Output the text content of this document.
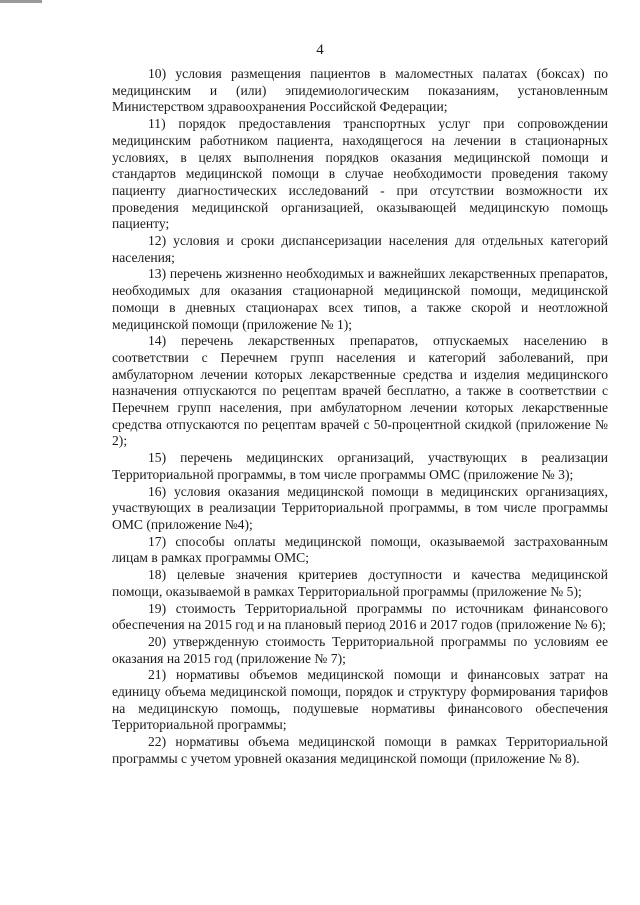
4

10) условия размещения пациентов в маломестных палатах (боксах) по медицинским и (или) эпидемиологическим показаниям, установленным Министерством здравоохранения Российской Федерации;

11) порядок предоставления транспортных услуг при сопровождении медицинским работником пациента, находящегося на лечении в стационарных условиях, в целях выполнения порядков оказания медицинской помощи и стандартов медицинской помощи в случае необходимости проведения такому пациенту диагностических исследований - при отсутствии возможности их проведения медицинской организацией, оказывающей медицинскую помощь пациенту;

12) условия и сроки диспансеризации населения для отдельных категорий населения;

13) перечень жизненно необходимых и важнейших лекарственных препаратов, необходимых для оказания стационарной медицинской помощи, медицинской помощи в дневных стационарах всех типов, а также скорой и неотложной медицинской помощи (приложение № 1);

14) перечень лекарственных препаратов, отпускаемых населению в соответствии с Перечнем групп населения и категорий заболеваний, при амбулаторном лечении которых лекарственные средства и изделия медицинского назначения отпускаются по рецептам врачей бесплатно, а также в соответствии с Перечнем групп населения, при амбулаторном лечении которых лекарственные средства отпускаются по рецептам врачей с 50-процентной скидкой (приложение № 2);

15) перечень медицинских организаций, участвующих в реализации Территориальной программы, в том числе программы ОМС (приложение № 3);

16) условия оказания медицинской помощи в медицинских организациях, участвующих в реализации Территориальной программы, в том числе программы ОМС (приложение №4);

17) способы оплаты медицинской помощи, оказываемой застрахованным лицам в рамках программы ОМС;

18) целевые значения критериев доступности и качества медицинской помощи, оказываемой в рамках Территориальной программы (приложение № 5);

19) стоимость Территориальной программы по источникам финансового обеспечения на 2015 год и на плановый период 2016 и 2017 годов (приложение № 6);

20) утвержденную стоимость Территориальной программы по условиям ее оказания на 2015 год (приложение № 7);

21) нормативы объемов медицинской помощи и финансовых затрат на единицу объема медицинской помощи, порядок и структуру формирования тарифов на медицинскую помощь, подушевые нормативы финансового обеспечения Территориальной программы;

22) нормативы объема медицинской помощи в рамках Территориальной программы с учетом уровней оказания медицинской помощи (приложение № 8).
